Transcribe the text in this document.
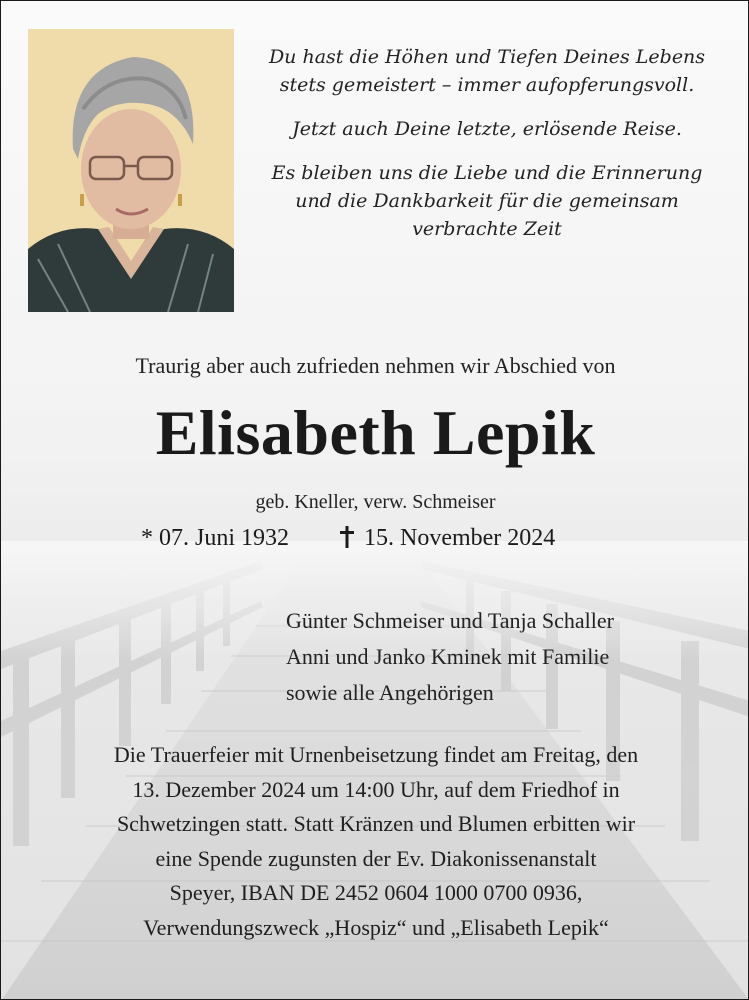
Du hast die Höhen und Tiefen Deines Lebens
stets gemeistert – immer aufopferungsvoll.

Jetzt auch Deine letzte, erlösende Reise.

Es bleiben uns die Liebe und die Erinnerung
und die Dankbarkeit für die gemeinsam
verbrachte Zeit

Traurig aber auch zufrieden nehmen wir Abschied von
Elisabeth Lepik
geb. Kneller, verw. Schmeiser
* 07. Juni 1932	15. November 2024
Günter Schmeiser und Tanja Schaller
Anni und Janko Kminek mit Familie
sowie alle Angehörigen
Die Trauerfeier mit Urnenbeisetzung findet am Freitag, den
13. Dezember 2024 um 14:00 Uhr, auf dem Friedhof in
Schwetzingen statt. Statt Kränzen und Blumen erbitten wir
eine Spende zugunsten der Ev. Diakonissenanstalt
Speyer, IBAN DE 2452 0604 1000 0700 0936,
Verwendungszweck „Hospiz“ und „Elisabeth Lepik“
